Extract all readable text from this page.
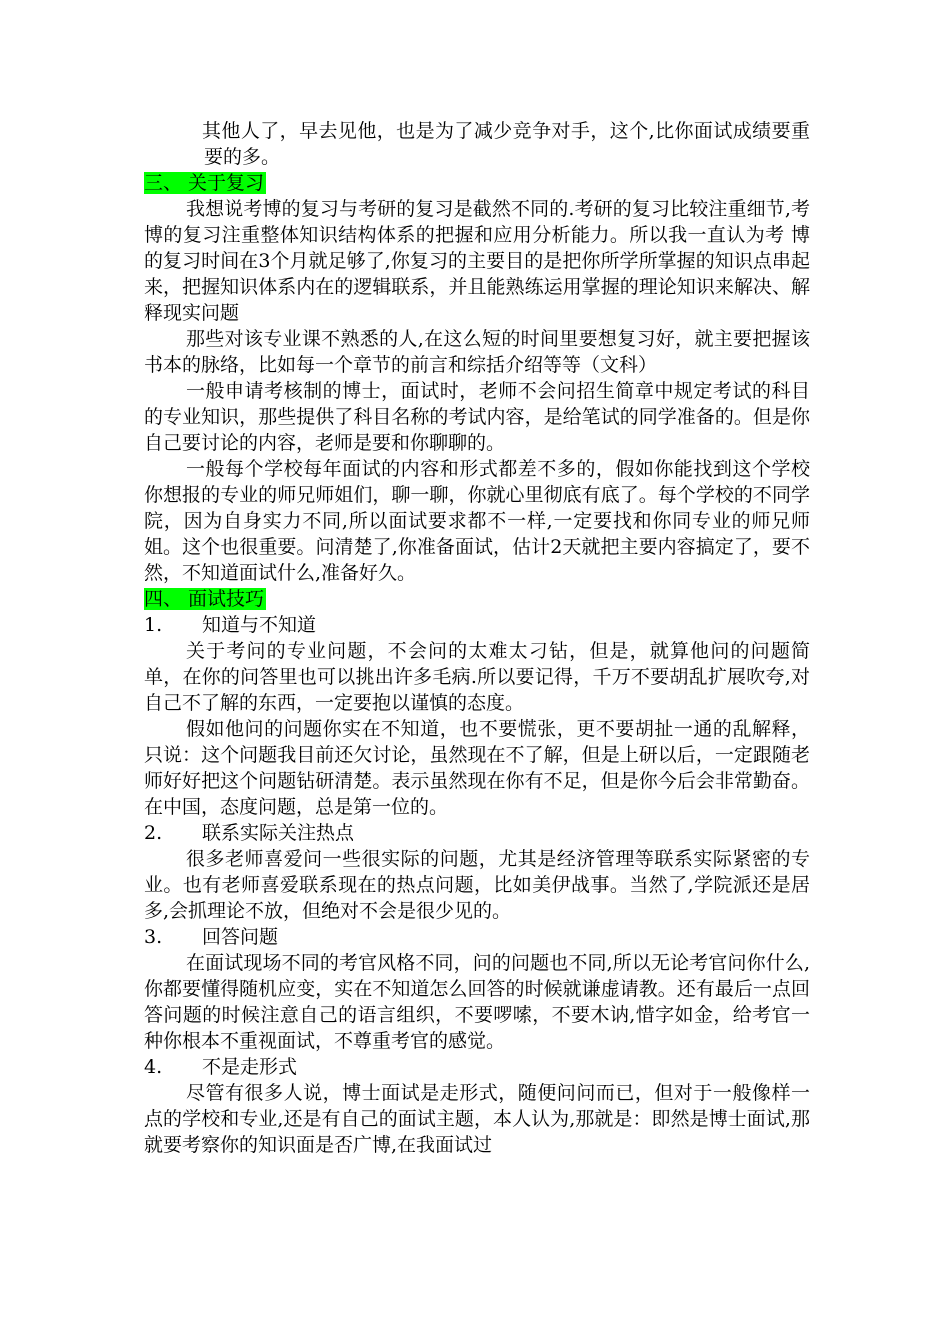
其他人了，早去见他，也是为了减少竞争对手，这个,比你面试成绩要重要的多。

三、 关于复习

我想说考博的复习与考研的复习是截然不同的.考研的复习比较注重细节,考博的复习注重整体知识结构体系的把握和应用分析能力。所以我一直认为考 博的复习时间在3个月就足够了,你复习的主要目的是把你所学所掌握的知识点串起来，把握知识体系内在的逻辑联系，并且能熟练运用掌握的理论知识来解决、解释现实问题

那些对该专业课不熟悉的人,在这么短的时间里要想复习好，就主要把握该书本的脉络，比如每一个章节的前言和综括介绍等等（文科）

一般申请考核制的博士，面试时，老师不会问招生简章中规定考试的科目的专业知识，那些提供了科目名称的考试内容，是给笔试的同学准备的。但是你自己要讨论的内容，老师是要和你聊聊的。

一般每个学校每年面试的内容和形式都差不多的，假如你能找到这个学校你想报的专业的师兄师姐们，聊一聊，你就心里彻底有底了。每个学校的不同学院，因为自身实力不同,所以面试要求都不一样,一定要找和你同专业的师兄师姐。这个也很重要。问清楚了,你准备面试，估计2天就把主要内容搞定了，要不然，不知道面试什么,准备好久。

四、 面试技巧

1. 知道与不知道

关于考问的专业问题，不会问的太难太刁钻，但是，就算他问的问题简单，在你的问答里也可以挑出许多毛病.所以要记得，千万不要胡乱扩展吹夸,对自己不了解的东西，一定要抱以谨慎的态度。

假如他问的问题你实在不知道，也不要慌张，更不要胡扯一通的乱解释，只说：这个问题我目前还欠讨论，虽然现在不了解，但是上研以后，一定跟随老师好好把这个问题钻研清楚。表示虽然现在你有不足，但是你今后会非常勤奋。在中国，态度问题，总是第一位的。

2. 联系实际关注热点

很多老师喜爱问一些很实际的问题，尤其是经济管理等联系实际紧密的专业。也有老师喜爱联系现在的热点问题，比如美伊战事。当然了,学院派还是居多,会抓理论不放，但绝对不会是很少见的。

3. 回答问题

在面试现场不同的考官风格不同，问的问题也不同,所以无论考官问你什么,你都要懂得随机应变，实在不知道怎么回答的时候就谦虚请教。还有最后一点回答问题的时候注意自己的语言组织，不要啰嗦，不要木讷,惜字如金，给考官一种你根本不重视面试，不尊重考官的感觉。

4. 不是走形式

尽管有很多人说，博士面试是走形式，随便问问而已，但对于一般像样一点的学校和专业,还是有自己的面试主题，本人认为,那就是：即然是博士面试,那就要考察你的知识面是否广博,在我面试过
